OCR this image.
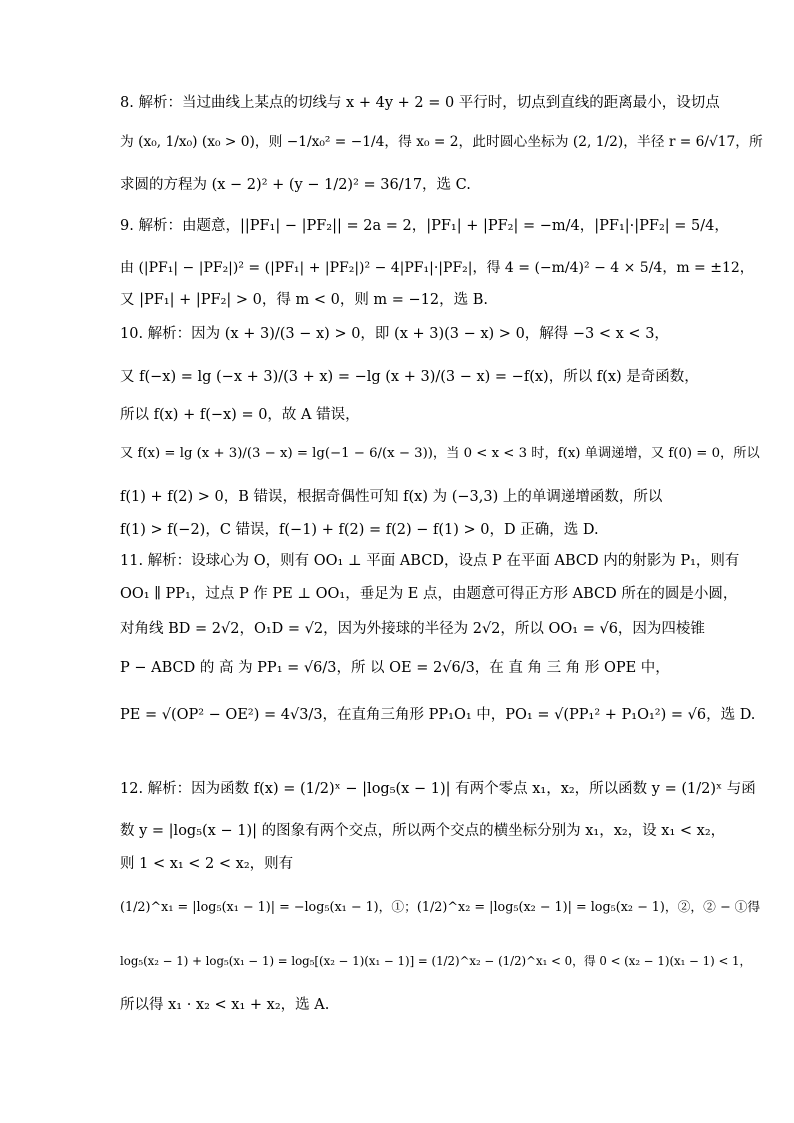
8. 解析：当过曲线上某点的切线与 x + 4y + 2 = 0 平行时，切点到直线的距离最小，设切点
为 (x₀, 1/x₀) (x₀ > 0)，则 −1/x₀² = −1/4，得 x₀ = 2，此时圆心坐标为 (2, 1/2)，半径 r = 6/√17，所
求圆的方程为 (x − 2)² + (y − 1/2)² = 36/17，选 C.
9. 解析：由题意，||PF₁| − |PF₂|| = 2a = 2，|PF₁| + |PF₂| = −m/4，|PF₁|·|PF₂| = 5/4，
由 (|PF₁| − |PF₂|)² = (|PF₁| + |PF₂|)² − 4|PF₁|·|PF₂|，得 4 = (−m/4)² − 4 × 5/4，m = ±12，
又 |PF₁| + |PF₂| > 0，得 m < 0，则 m = −12，选 B.
10. 解析：因为 (x + 3)/(3 − x) > 0，即 (x + 3)(3 − x) > 0，解得 −3 < x < 3，
又 f(−x) = lg (−x + 3)/(3 + x) = −lg (x + 3)/(3 − x) = −f(x)，所以 f(x) 是奇函数，
所以 f(x) + f(−x) = 0，故 A 错误，
又 f(x) = lg (x + 3)/(3 − x) = lg(−1 − 6/(x − 3))，当 0 < x < 3 时，f(x) 单调递增，又 f(0) = 0，所以
f(1) + f(2) > 0，B 错误，根据奇偶性可知 f(x) 为 (−3,3) 上的单调递增函数，所以
f(1) > f(−2)，C 错误，f(−1) + f(2) = f(2) − f(1) > 0，D 正确，选 D.
11. 解析：设球心为 O，则有 OO₁ ⊥ 平面 ABCD，设点 P 在平面 ABCD 内的射影为 P₁，则有
OO₁ ∥ PP₁，过点 P 作 PE ⊥ OO₁，垂足为 E 点，由题意可得正方形 ABCD 所在的圆是小圆，
对角线 BD = 2√2，O₁D = √2，因为外接球的半径为 2√2，所以 OO₁ = √6，因为四棱锥
P − ABCD 的 高 为 PP₁ = √6/3，所 以 OE = 2√6/3，在 直 角 三 角 形 OPE 中，
PE = √(OP² − OE²) = 4√3/3，在直角三角形 PP₁O₁ 中，PO₁ = √(PP₁² + P₁O₁²) = √6，选 D.
12. 解析：因为函数 f(x) = (1/2)ˣ − |log₅(x − 1)| 有两个零点 x₁，x₂，所以函数 y = (1/2)ˣ 与函
数 y = |log₅(x − 1)| 的图象有两个交点，所以两个交点的横坐标分别为 x₁，x₂，设 x₁ < x₂，
则 1 < x₁ < 2 < x₂，则有
(1/2)^x₁ = |log₅(x₁ − 1)| = −log₅(x₁ − 1)，①；(1/2)^x₂ = |log₅(x₂ − 1)| = log₅(x₂ − 1)，②，② − ①得
log₅(x₂ − 1) + log₅(x₁ − 1) = log₅[(x₂ − 1)(x₁ − 1)] = (1/2)^x₂ − (1/2)^x₁ < 0，得 0 < (x₂ − 1)(x₁ − 1) < 1，
所以得 x₁ · x₂ < x₁ + x₂，选 A.
